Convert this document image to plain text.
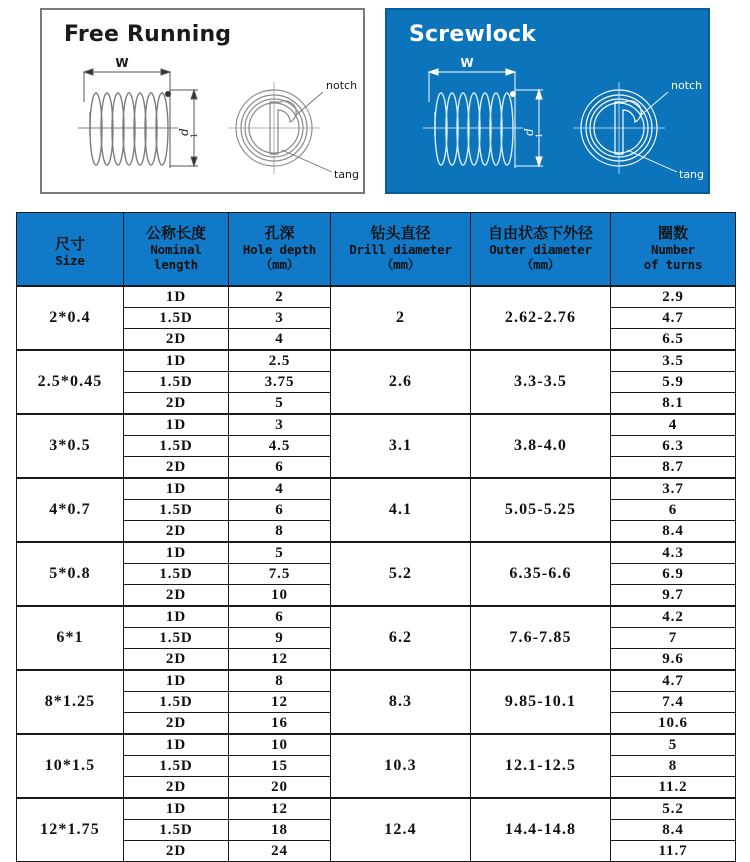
Free Running
W
d 1
notch
tang
Screwlock
W
d 1
notch
tang
尺寸
Size	公称长度
Nominal
length	孔深
Hole depth
（mm）	钻头直径
Drill diameter
（mm）	自由状态下外径
Outer diameter
（mm）	圈数
Number
of turns

2*0.4	1D	2	2	2.62-2.76	2.9
	1.5D	3			4.7
	2D	4			6.5
2.5*0.45	1D	2.5	2.6	3.3-3.5	3.5
	1.5D	3.75			5.9
	2D	5			8.1
3*0.5	1D	3	3.1	3.8-4.0	4
	1.5D	4.5			6.3
	2D	6			8.7
4*0.7	1D	4	4.1	5.05-5.25	3.7
	1.5D	6			6
	2D	8			8.4
5*0.8	1D	5	5.2	6.35-6.6	4.3
	1.5D	7.5			6.9
	2D	10			9.7
6*1	1D	6	6.2	7.6-7.85	4.2
	1.5D	9			7
	2D	12			9.6
8*1.25	1D	8	8.3	9.85-10.1	4.7
	1.5D	12			7.4
	2D	16			10.6
10*1.5	1D	10	10.3	12.1-12.5	5
	1.5D	15			8
	2D	20			11.2
12*1.75	1D	12	12.4	14.4-14.8	5.2
	1.5D	18			8.4
	2D	24			11.7
